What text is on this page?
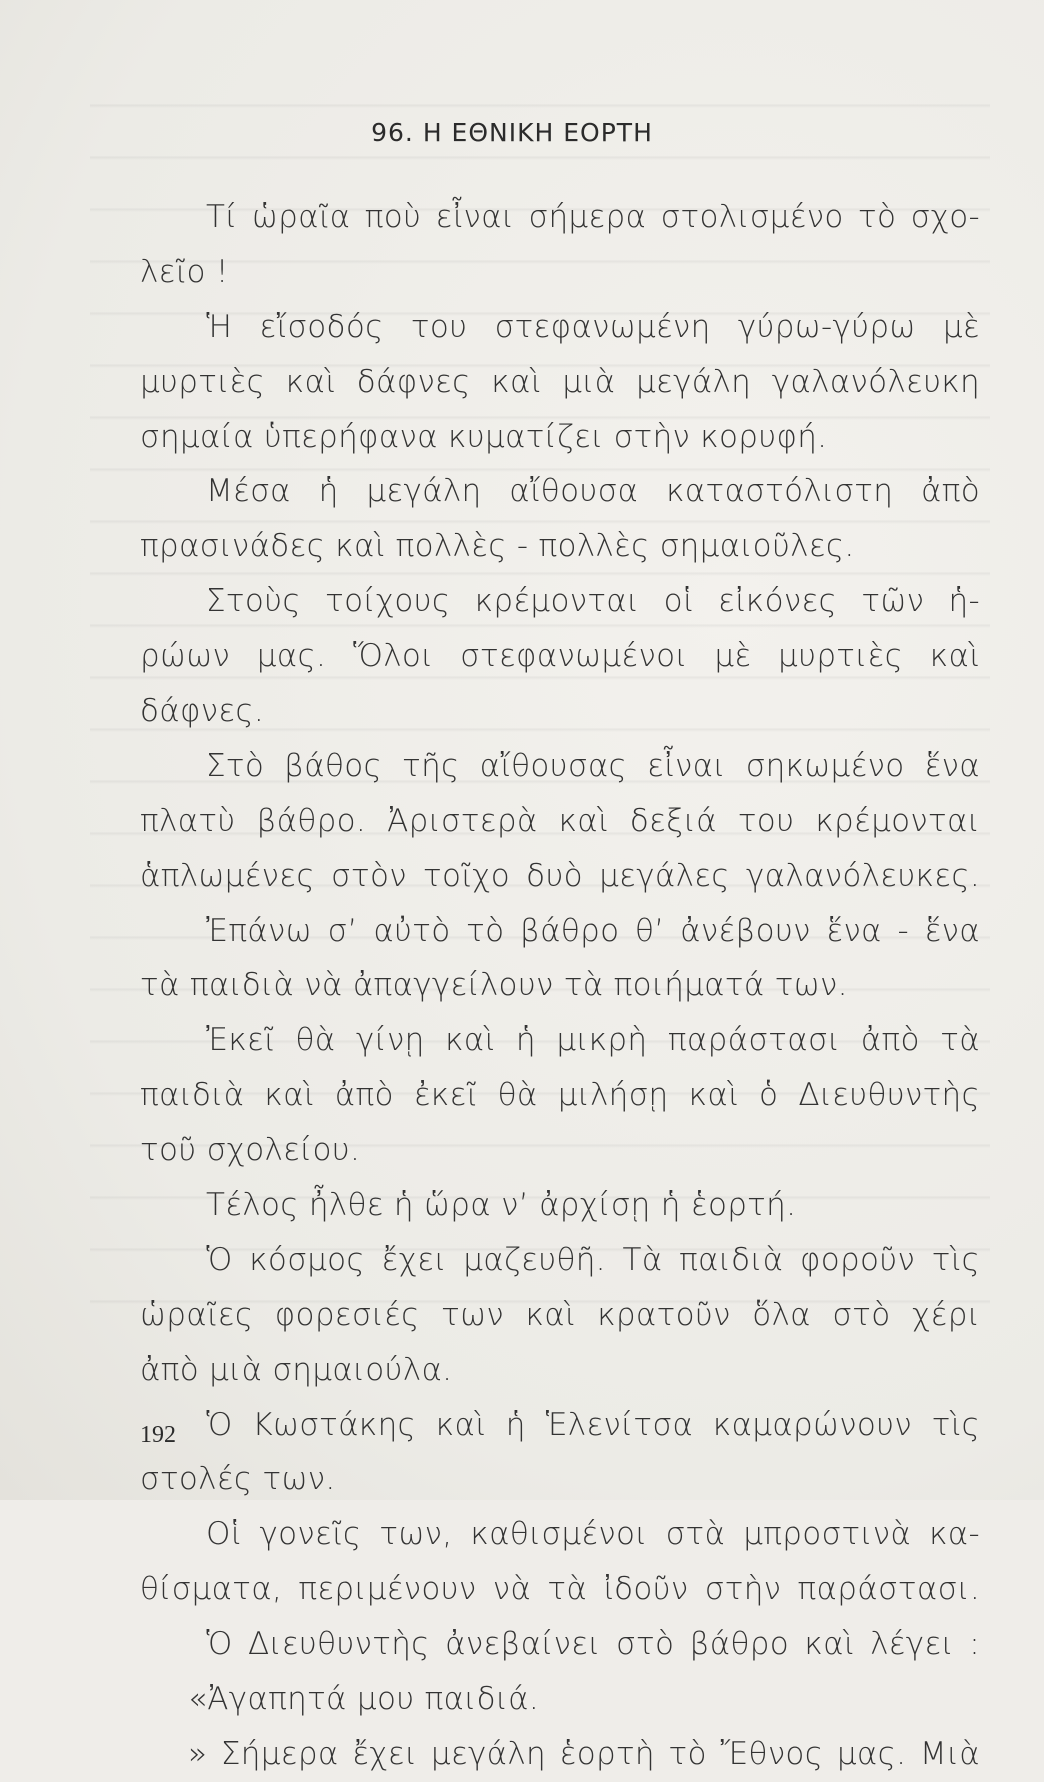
96. Η ΕΘΝΙΚΗ ΕΟΡΤΗ
Τί ὡραῖα ποὺ εἶναι σήμερα στολισμένο τὸ σχο-
λεῖο !
Ἡ εἴσοδός του στεφανωμένη γύρω-γύρω μὲ
μυρτιὲς καὶ δάφνες καὶ μιὰ μεγάλη γαλανόλευκη
σημαία ὑπερήφανα κυματίζει στὴν κορυφή.
Μέσα ἡ μεγάλη αἴθουσα καταστόλιστη ἀπὸ
πρασινάδες καὶ πολλὲς - πολλὲς σημαιοῦλες.
Στοὺς τοίχους κρέμονται οἱ εἰκόνες τῶν ἡ-
ρώων μας. Ὅλοι στεφανωμένοι μὲ μυρτιὲς καὶ
δάφνες.
Στὸ βάθος τῆς αἴθουσας εἶναι σηκωμένο ἕνα
πλατὺ βάθρο. Ἀριστερὰ καὶ δεξιά του κρέμονται
ἁπλωμένες στὸν τοῖχο δυὸ μεγάλες γαλανόλευκες.
Ἐπάνω σ’ αὐτὸ τὸ βάθρο θ’ ἀνέβουν ἕνα - ἕνα
τὰ παιδιὰ νὰ ἀπαγγείλουν τὰ ποιήματά των.
Ἐκεῖ θὰ γίνῃ καὶ ἡ μικρὴ παράστασι ἀπὸ τὰ
παιδιὰ καὶ ἀπὸ ἐκεῖ θὰ μιλήσῃ καὶ ὁ Διευθυντὴς
τοῦ σχολείου.
Τέλος ἦλθε ἡ ὥρα ν’ ἀρχίσῃ ἡ ἑορτή.
Ὁ κόσμος ἔχει μαζευθῆ. Τὰ παιδιὰ φοροῦν τὶς
ὡραῖες φορεσιές των καὶ κρατοῦν ὅλα στὸ χέρι
ἀπὸ μιὰ σημαιούλα.
Ὁ Κωστάκης καὶ ἡ Ἑλενίτσα καμαρώνουν τὶς
στολές των.
Οἱ γονεῖς των, καθισμένοι στὰ μπροστινὰ κα-
θίσματα, περιμένουν νὰ τὰ ἰδοῦν στὴν παράστασι.
Ὁ Διευθυντὴς ἀνεβαίνει στὸ βάθρο καὶ λέγει :
«Ἀγαπητά μου παιδιά.
» Σήμερα ἔχει μεγάλη ἑορτὴ τὸ Ἔθνος μας. Μιὰ
192
